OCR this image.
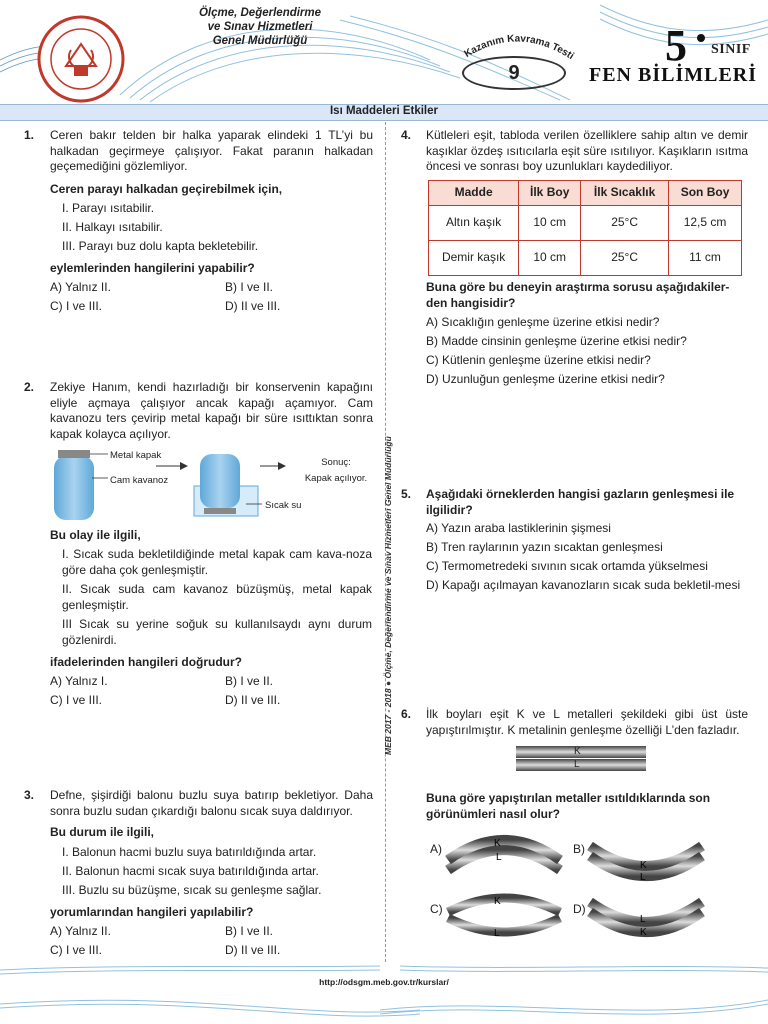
Ölçme, Değerlendirme
ve Sınav Hizmetleri
Genel Müdürlüğü
Kazanım Kavrama Testi
9
5 SINIF
FEN BİLİMLERİ
Isı Maddeleri Etkiler
MEB 2017 - 2018 ● Ölçme, Değerlendirme ve Sınav Hizmetleri Genel Müdürlüğü
1. Ceren bakır telden bir halka yaparak elindeki 1 TL’yi bu halkadan geçirmeye çalışıyor. Fakat paranın halkadan geçemediğini gözlemliyor.
Ceren parayı halkadan geçirebilmek için,
I. Parayı ısıtabilir.
II. Halkayı ısıtabilir.
III. Parayı buz dolu kapta bekletebilir.
eylemlerinden hangilerini yapabilir?
A) Yalnız II.	B) I ve II.
C) I ve III.	D) II ve III.
2. Zekiye Hanım, kendi hazırladığı bir konservenin kapağını eliyle açmaya çalışıyor ancak kapağı açamıyor. Cam kavanozu ters çevirip metal kapağı bir süre ısıttıktan sonra kapak kolayca açılıyor.
Metal kapak
Cam kavanoz
Sonuç:
Kapak açılıyor.
Sıcak su
Bu olay ile ilgili,
I. Sıcak suda bekletildiğinde metal kapak cam kava-noza göre daha çok genleşmiştir.
II. Sıcak suda cam kavanoz büzüşmüş, metal kapak genleşmiştir.
III Sıcak su yerine soğuk su kullanılsaydı aynı durum gözlenirdi.
ifadelerinden hangileri doğrudur?
A) Yalnız I.	B) I ve II.
C) I ve III.	D) II ve III.
3. Defne, şişirdiği balonu buzlu suya batırıp bekletiyor. Daha sonra buzlu sudan çıkardığı balonu sıcak suya daldırıyor.
Bu durum ile ilgili,
I. Balonun hacmi buzlu suya batırıldığında artar.
II. Balonun hacmi sıcak suya batırıldığında artar.
III. Buzlu su büzüşme, sıcak su genleşme sağlar.
yorumlarından hangileri yapılabilir?
A) Yalnız II.	B) I ve II.
C) I ve III.	D) II ve III.
4. Kütleleri eşit, tabloda verilen özelliklere sahip altın ve demir kaşıklar özdeş ısıtıcılarla eşit süre ısıtılıyor. Kaşıkların ısıtma öncesi ve sonrası boy uzunlukları kaydediliyor.
Madde	İlk Boy	İlk Sıcaklık	Son Boy
Altın kaşık	10 cm	25°C	12,5 cm
Demir kaşık	10 cm	25°C	11 cm
Buna göre bu deneyin araştırma sorusu aşağıdakiler-den hangisidir?
A) Sıcaklığın genleşme üzerine etkisi nedir?
B) Madde cinsinin genleşme üzerine etkisi nedir?
C) Kütlenin genleşme üzerine etkisi nedir?
D) Uzunluğun genleşme üzerine etkisi nedir?
5. Aşağıdaki örneklerden hangisi gazların genleşmesi ile ilgilidir?
A) Yazın araba lastiklerinin şişmesi
B) Tren raylarının yazın sıcaktan genleşmesi
C) Termometredeki sıvının sıcak ortamda yükselmesi
D) Kapağı açılmayan kavanozların sıcak suda bekletil-mesi
6. İlk boyları eşit K ve L metalleri şekildeki gibi üst üste yapıştırılmıştır. K metalinin genleşme özelliği L’den fazladır.
K
L
Buna göre yapıştırılan metaller ısıtıldıklarında son görünümleri nasıl olur?
A)	K
L
B)
K
L
C)
K
L
D)
L
K
http://odsgm.meb.gov.tr/kurslar/
